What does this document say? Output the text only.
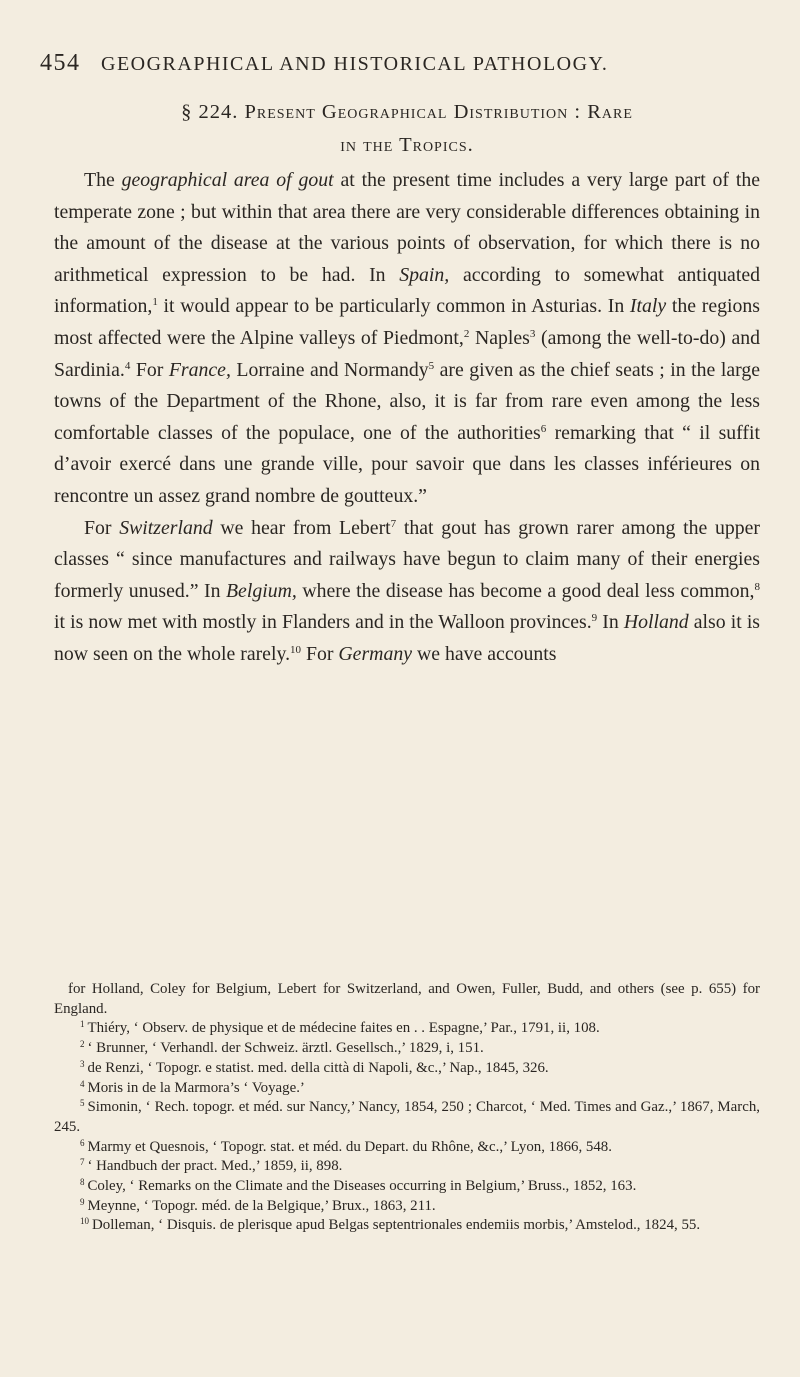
454 GEOGRAPHICAL AND HISTORICAL PATHOLOGY.
§ 224. Present Geographical Distribution : Rare
in the Tropics.

The geographical area of gout at the present time includes a very large part of the temperate zone ; but within that area there are very considerable differences obtaining in the amount of the disease at the various points of observation, for which there is no arithmetical expression to be had. In Spain, according to somewhat antiquated information,$^1$ it would appear to be particularly common in Asturias. In Italy the regions most affected were the Alpine valleys of Piedmont,$^2$ Naples$^3$ (among the well-to-do) and Sardinia.$^4$ For France, Lorraine and Normandy$^5$ are given as the chief seats ; in the large towns of the Department of the Rhone, also, it is far from rare even among the less comfortable classes of the populace, one of the authorities$^6$ remarking that “ il suffit d’avoir exercé dans une grande ville, pour savoir que dans les classes inférieures on rencontre un assez grand nombre de goutteux.”

For Switzerland we hear from Lebert$^7$ that gout has grown rarer among the upper classes “ since manufactures and railways have begun to claim many of their energies formerly unused.” In Belgium, where the disease has become a good deal less common,$^8$ it is now met with mostly in Flanders and in the Walloon provinces.$^9$ In Holland also it is now seen on the whole rarely.$^{10}$ For Germany we have accounts

for Holland, Coley for Belgium, Lebert for Switzerland, and Owen, Fuller, Budd, and others (see p. 655) for England.

$^1$ Thiéry, ‘ Observ. de physique et de médecine faites en . . Espagne,’ Par., 1791, ii, 108.

$^2$ ‘ Brunner, ‘ Verhandl. der Schweiz. ärztl. Gesellsch.,’ 1829, i, 151.

$^3$ de Renzi, ‘ Topogr. e statist. med. della città di Napoli, &c.,’ Nap., 1845, 326.

$^4$ Moris in de la Marmora’s ‘ Voyage.’

$^5$ Simonin, ‘ Rech. topogr. et méd. sur Nancy,’ Nancy, 1854, 250 ; Charcot, ‘ Med. Times and Gaz.,’ 1867, March, 245.

$^6$ Marmy et Quesnois, ‘ Topogr. stat. et méd. du Depart. du Rhône, &c.,’ Lyon, 1866, 548.

$^7$ ‘ Handbuch der pract. Med.,’ 1859, ii, 898.

$^8$ Coley, ‘ Remarks on the Climate and the Diseases occurring in Belgium,’ Bruss., 1852, 163.

$^9$ Meynne, ‘ Topogr. méd. de la Belgique,’ Brux., 1863, 211.

$^{10}$ Dolleman, ‘ Disquis. de plerisque apud Belgas septentrionales endemiis morbis,’ Amstelod., 1824, 55.
